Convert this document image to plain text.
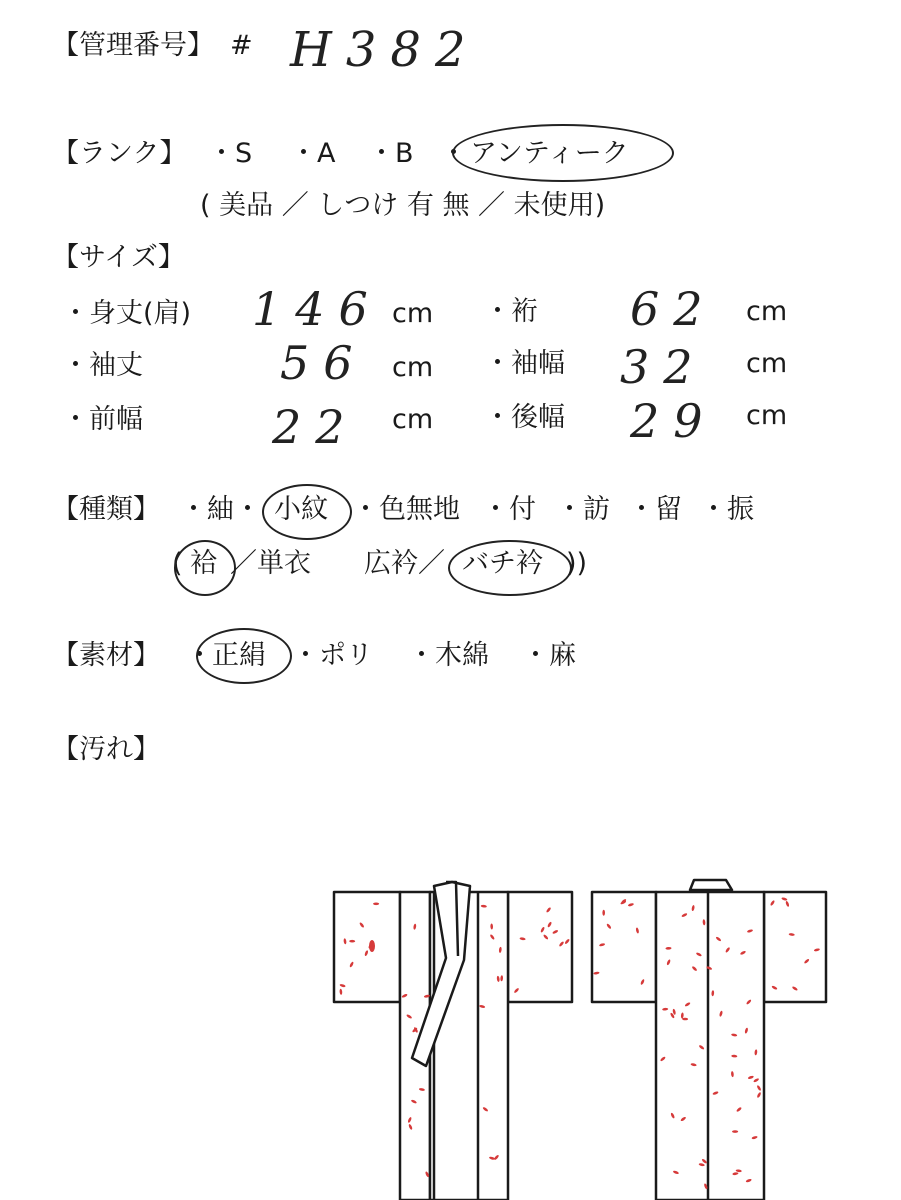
【管理番号】 # H382
【ランク】 ・S ・A ・B ・ アンティーク
( 美品 ／ しつけ 有 無 ／ 未使用)
【サイズ】
・身丈(肩) 146 cm ・裄 62 cm
・袖丈	56 cm ・袖幅 32 cm
・前幅	22 cm ・後幅 29 cm
【種類】 ・紬・ 小紋 ・色無地 ・付 ・訪 ・留 ・振
( 袷 ／単衣 広衿／ バチ衿 ))
【素材】 ・ 正絹 ・ポリ ・木綿 ・麻
【汚れ】
